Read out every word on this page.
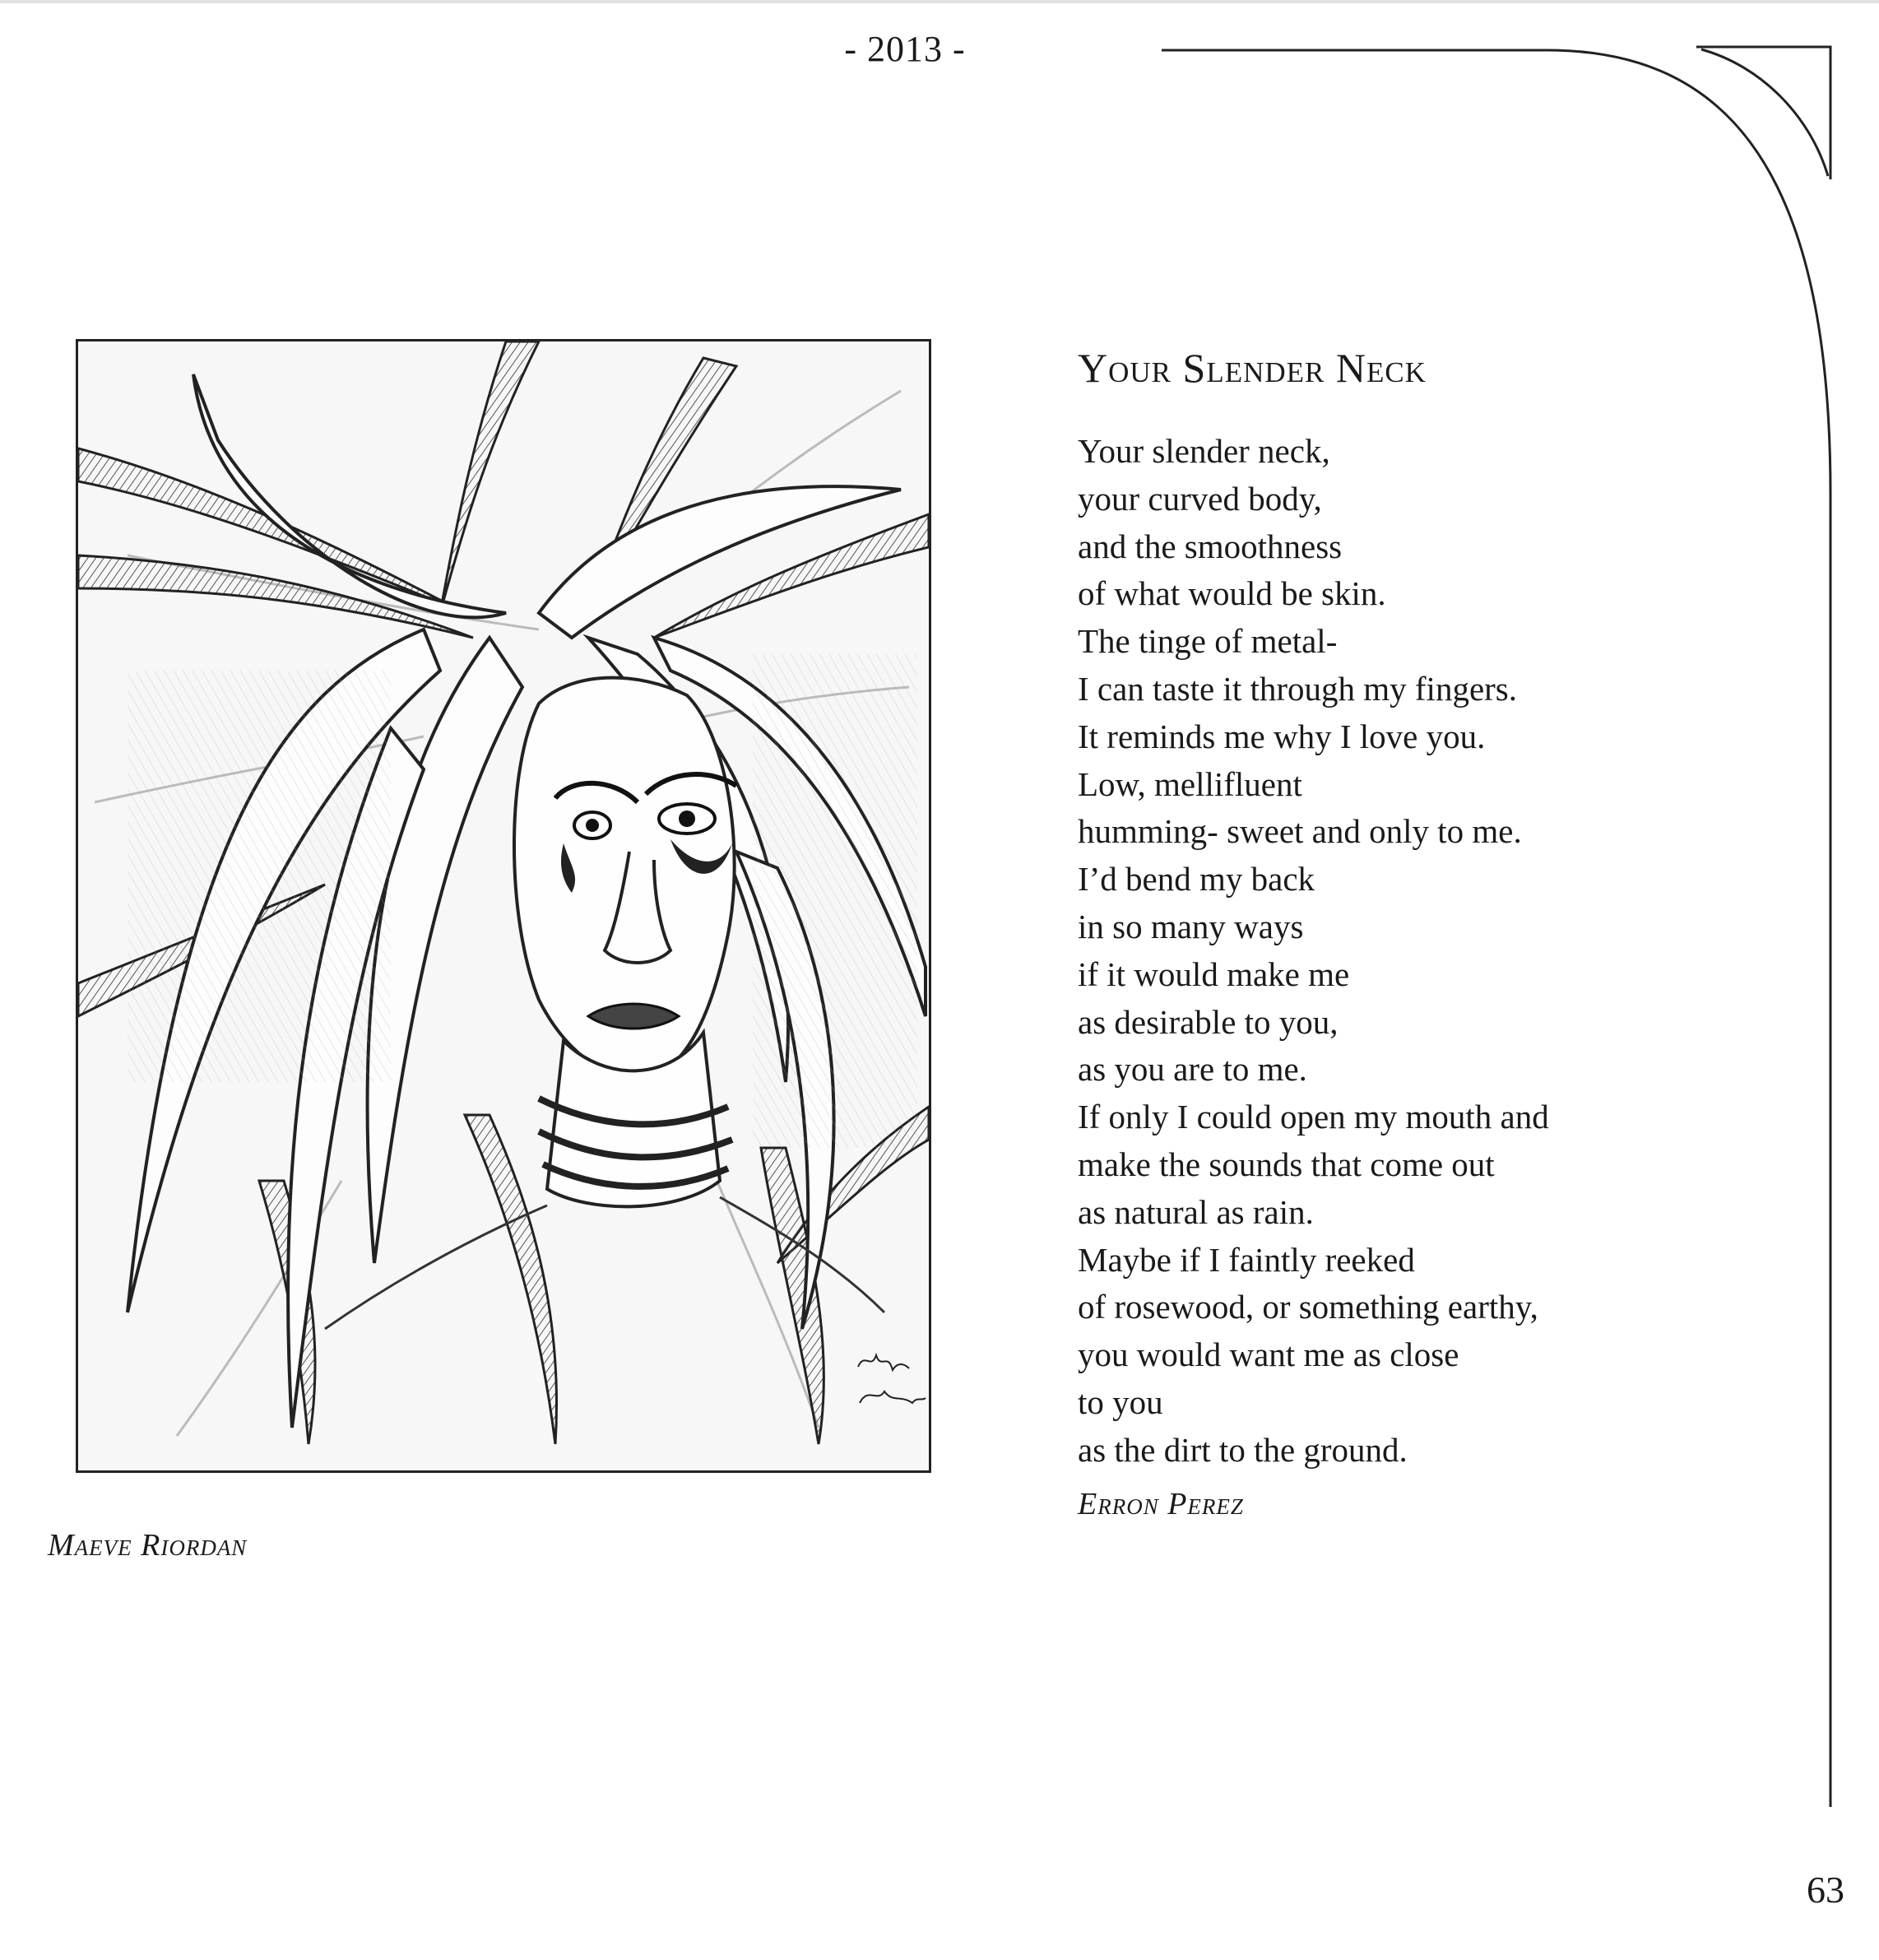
- 2013 -
Maeve Riordan
Your Slender Neck
Your slender neck,
your curved body,
and the smoothness
of what would be skin.
The tinge of metal-
I can taste it through my fingers.
It reminds me why I love you.
Low, mellifluent
humming- sweet and only to me.
I’d bend my back
in so many ways
if it would make me
as desirable to you,
as you are to me.
If only I could open my mouth and
make the sounds that come out
as natural as rain.
Maybe if I faintly reeked
of rosewood, or something earthy,
you would want me as close
to you
as the dirt to the ground.
Erron Perez
63
